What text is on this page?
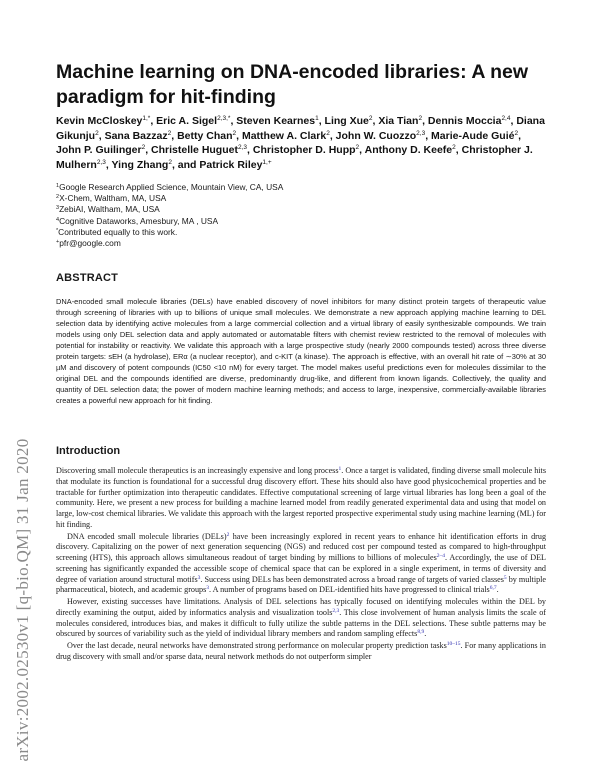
arXiv:2002.02530v1 [q-bio.QM] 31 Jan 2020
Machine learning on DNA-encoded libraries: A new paradigm for hit-finding

Kevin McCloskey$^{1,*}$, Eric A. Sigel$^{2,3,*}$, Steven Kearnes$^1$, Ling Xue$^2$, Xia Tian$^2$, Dennis Moccia$^{2,4}$, Diana Gikunju$^2$, Sana Bazzaz$^2$, Betty Chan$^2$, Matthew A. Clark$^2$, John W. Cuozzo$^{2,3}$, Marie-Aude Guié$^2$, John P. Guilinger$^2$, Christelle Huguet$^{2,3}$, Christopher D. Hupp$^2$, Anthony D. Keefe$^2$, Christopher J. Mulhern$^{2,3}$, Ying Zhang$^2$, and Patrick Riley$^{1,+}$

$^1$Google Research Applied Science, Mountain View, CA, USA
$^2$X-Chem, Waltham, MA, USA
$^3$ZebiAI, Waltham, MA, USA
$^4$Cognitive Dataworks, Amesbury, MA , USA
*Contributed equally to this work.
+pfr@google.com
ABSTRACT

DNA-encoded small molecule libraries (DELs) have enabled discovery of novel inhibitors for many distinct protein targets of therapeutic value through screening of libraries with up to billions of unique small molecules. We demonstrate a new approach applying machine learning to DEL selection data by identifying active molecules from a large commercial collection and a virtual library of easily synthesizable compounds. We train models using only DEL selection data and apply automated or automatable filters with chemist review restricted to the removal of molecules with potential for instability or reactivity. We validate this approach with a large prospective study (nearly 2000 compounds tested) across three diverse protein targets: sEH (a hydrolase), ERα (a nuclear receptor), and c-KIT (a kinase). The approach is effective, with an overall hit rate of ∼30% at 30 µM and discovery of potent compounds (IC50 <10 nM) for every target. The model makes useful predictions even for molecules dissimilar to the original DEL and the compounds identified are diverse, predominantly drug-like, and different from known ligands. Collectively, the quality and quantity of DEL selection data; the power of modern machine learning methods; and access to large, inexpensive, commercially-available libraries creates a powerful new approach for hit finding.

Introduction

Discovering small molecule therapeutics is an increasingly expensive and long process$^1$. Once a target is validated, finding diverse small molecule hits that modulate its function is foundational for a successful drug discovery effort. These hits should also have good physicochemical properties and be tractable for further optimization into therapeutic candidates. Effective computational screening of large virtual libraries has long been a goal of the community. Here, we present a new process for building a machine learned model from readily generated experimental data and using that model on large, low-cost chemical libraries. We validate this approach with the largest reported prospective experimental study using machine learning (ML) for hit finding.

DNA encoded small molecule libraries (DELs)$^2$ have been increasingly explored in recent years to enhance hit identification efforts in drug discovery. Capitalizing on the power of next generation sequencing (NGS) and reduced cost per compound tested as compared to high-throughput screening (HTS), this approach allows simultaneous readout of target binding by millions to billions of molecules$^{2-4}$. Accordingly, the use of DEL screening has significantly expanded the accessible scope of chemical space that can be explored in a single experiment, in terms of diversity and degree of variation around structural motifs$^3$. Success using DELs has been demonstrated across a broad range of targets of varied classes$^5$ by multiple pharmaceutical, biotech, and academic groups$^3$. A number of programs based on DEL-identified hits have progressed to clinical trials$^{6,7}$.

However, existing successes have limitations. Analysis of DEL selections has typically focused on identifying molecules within the DEL by directly examining the output, aided by informatics analysis and visualization tools$^{2,3}$. This close involvement of human analysis limits the scale of molecules considered, introduces bias, and makes it difficult to fully utilize the subtle patterns in the DEL selections. These subtle patterns may be obscured by sources of variability such as the yield of individual library members and random sampling effects$^{8,9}$.

Over the last decade, neural networks have demonstrated strong performance on molecular property prediction tasks$^{10-15}$. For many applications in drug discovery with small and/or sparse data, neural network methods do not outperform simpler
